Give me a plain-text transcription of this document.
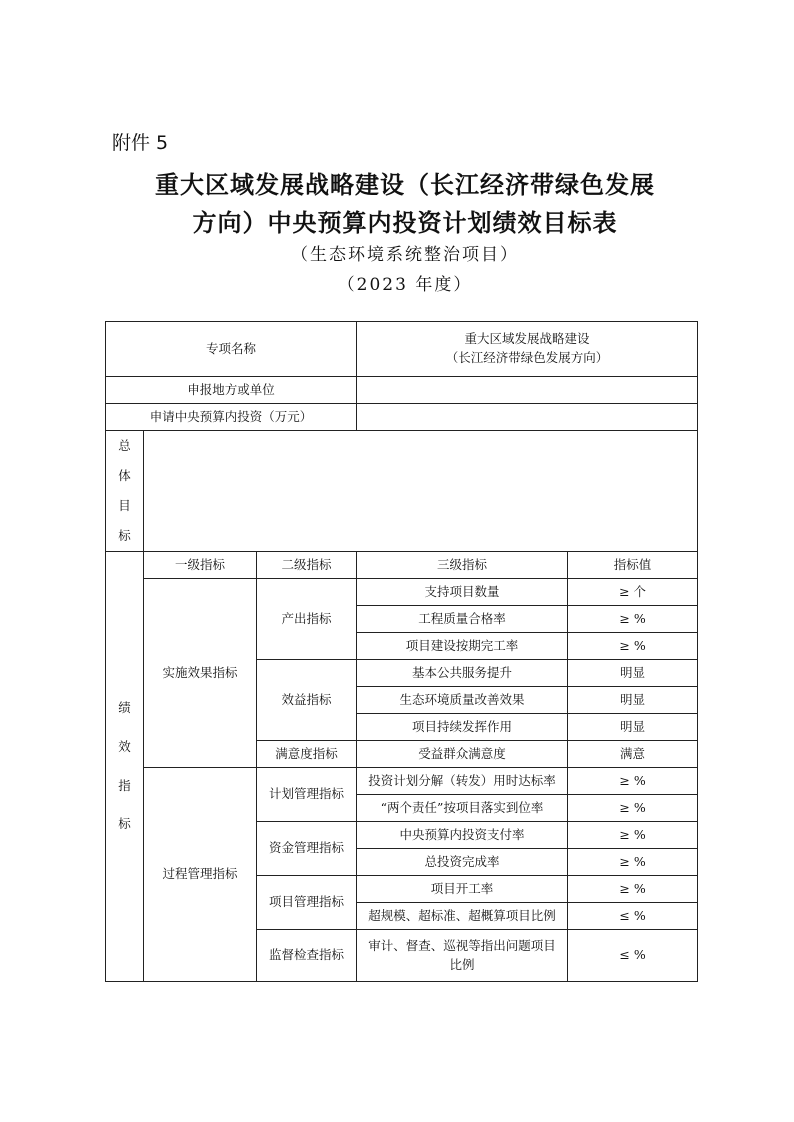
附件 5
重大区域发展战略建设（长江经济带绿色发展
方向）中央预算内投资计划绩效目标表
（生态环境系统整治项目）
（2023 年度）
专项名称			重大区域发展战略建设
（长江经济带绿色发展方向）	

申报地方或单位				
申请中央预算内投资（万元）				

总
体
目
标				

绩
效
指
标	一级指标	二级指标	三级指标	指标值
	实施效果指标	产出指标	支持项目数量	≥ 个
			工程质量合格率	≥ %
			项目建设按期完工率	≥ %
		效益指标	基本公共服务提升	明显
			生态环境质量改善效果	明显
			项目持续发挥作用	明显
		满意度指标	受益群众满意度	满意
	过程管理指标	计划管理指标	投资计划分解（转发）用时达标率	≥ %
			“两个责任”按项目落实到位率	≥ %
		资金管理指标	中央预算内投资支付率	≥ %
			总投资完成率	≥ %
		项目管理指标	项目开工率	≥ %
			超规模、超标准、超概算项目比例	≤ %
		监督检查指标	审计、督查、巡视等指出问题项目
比例	≤ %
